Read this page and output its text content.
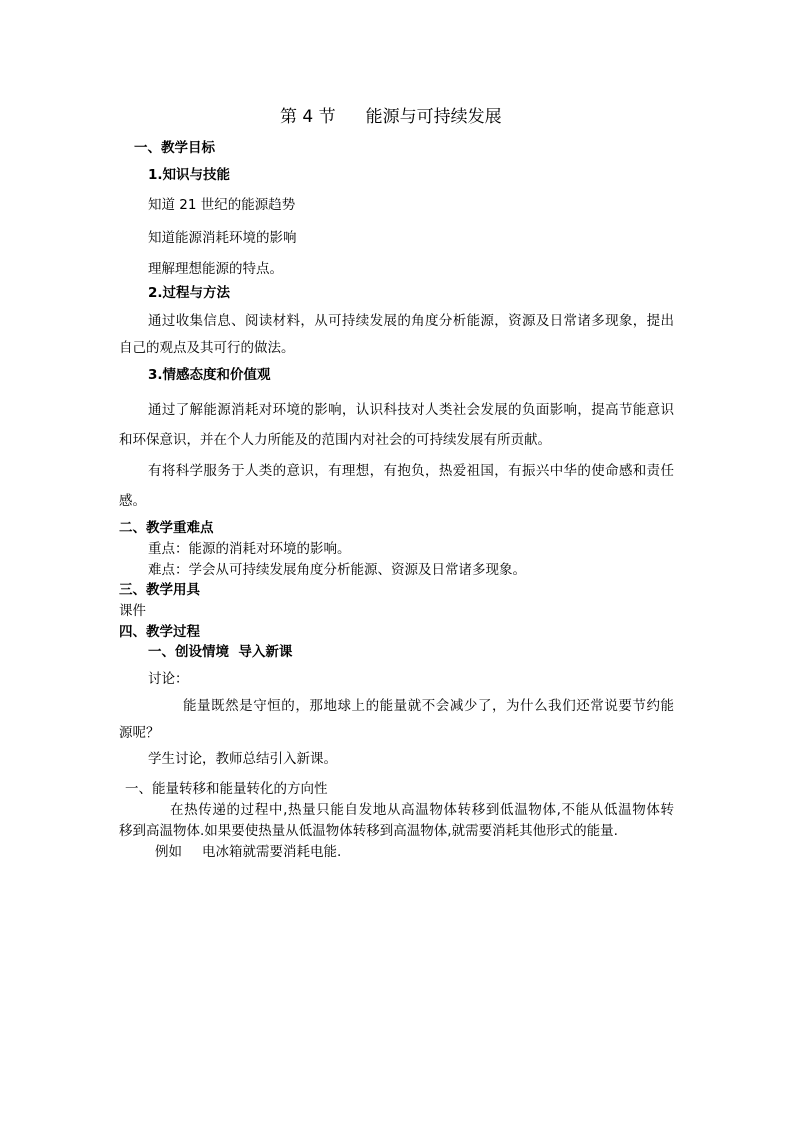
第 4 节 能源与可持续发展
一、教学目标
1.知识与技能
知道 21 世纪的能源趋势
知道能源消耗环境的影响
理解理想能源的特点。
2.过程与方法
通过收集信息、阅读材料，从可持续发展的角度分析能源，资源及日常诸多现象，提出
自己的观点及其可行的做法。
3.情感态度和价值观
通过了解能源消耗对环境的影响，认识科技对人类社会发展的负面影响，提高节能意识
和环保意识，并在个人力所能及的范围内对社会的可持续发展有所贡献。
有将科学服务于人类的意识，有理想，有抱负，热爱祖国，有振兴中华的使命感和责任
感。
二、教学重难点
重点：能源的消耗对环境的影响。
难点：学会从可持续发展角度分析能源、资源及日常诸多现象。
三、教学用具
课件
四、教学过程
一、创设情境  导入新课
讨论：
能量既然是守恒的，那地球上的能量就不会减少了，为什么我们还常说要节约能
源呢？
学生讨论，教师总结引入新课。
一、能量转移和能量转化的方向性
在热传递的过程中,热量只能自发地从高温物体转移到低温物体,不能从低温物体转
移到高温物体.如果要使热量从低温物体转移到高温物体,就需要消耗其他形式的能量.
例如 电冰箱就需要消耗电能.
